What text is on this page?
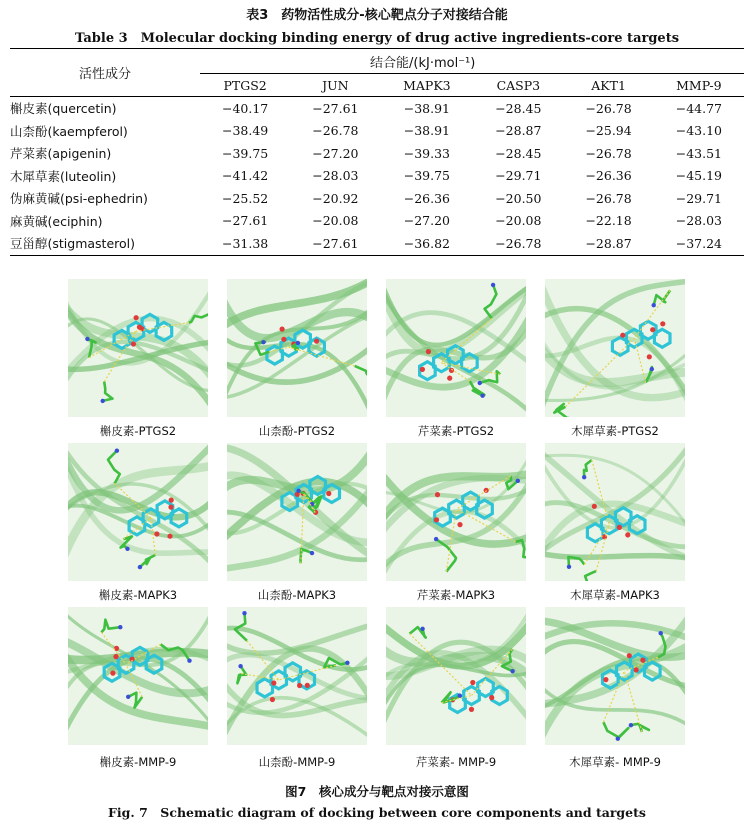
表3　药物活性成分-核心靶点分子对接结合能
Table 3　Molecular docking binding energy of drug active ingredients-core targets
活性成分	结合能/(kJ·mol⁻¹)					
	PTGS2	JUN	MAPK3	CASP3	AKT1	MMP-9
槲皮素(quercetin)	−40.17	−27.61	−38.91	−28.45	−26.78	−44.77
山柰酚(kaempferol)	−38.49	−26.78	−38.91	−28.87	−25.94	−43.10
芹菜素(apigenin)	−39.75	−27.20	−39.33	−28.45	−26.78	−43.51
木犀草素(luteolin)	−41.42	−28.03	−39.75	−29.71	−26.36	−45.19
伪麻黄碱(psi-ephedrin)	−25.52	−20.92	−26.36	−20.50	−26.78	−29.71
麻黄碱(eciphin)	−27.61	−20.08	−27.20	−20.08	−22.18	−28.03
豆甾醇(stigmasterol)	−31.38	−27.61	−36.82	−26.78	−28.87	−37.24
槲皮素-PTGS2	山柰酚-PTGS2	芹菜素-PTGS2	木犀草素-PTGS2
槲皮素-MAPK3	山柰酚-MAPK3	芹菜素-MAPK3	木犀草素-MAPK3
槲皮素-MMP-9	山柰酚-MMP-9	芹菜素- MMP-9	木犀草素- MMP-9
图7　核心成分与靶点对接示意图
Fig. 7　Schematic diagram of docking between core components and targets
